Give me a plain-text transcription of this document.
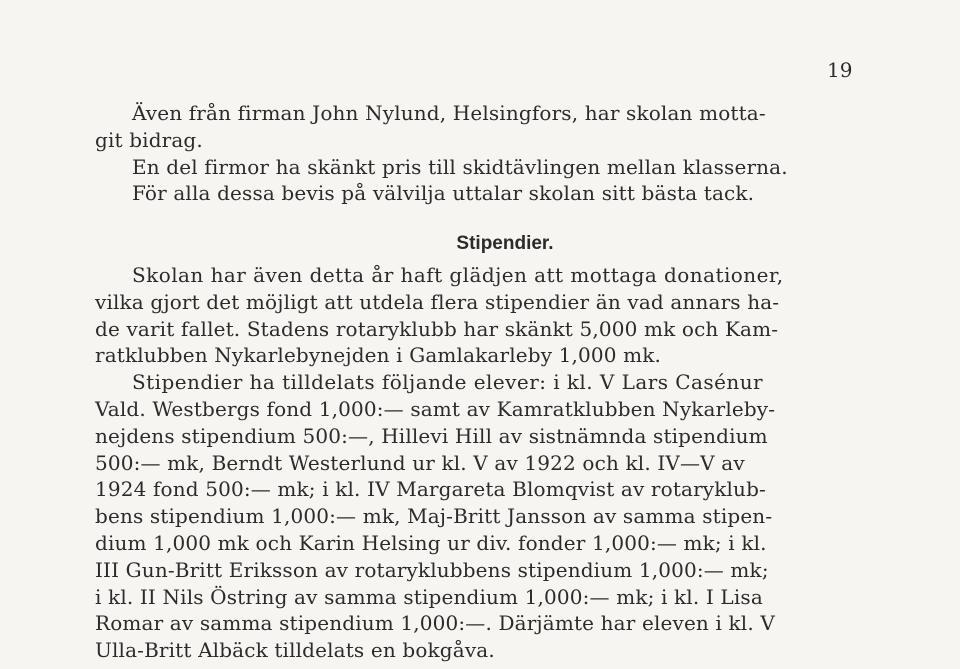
19
Även från firman John Nylund, Helsingfors, har skolan motta-
git bidrag.
En del firmor ha skänkt pris till skidtävlingen mellan klasserna.
För alla dessa bevis på välvilja uttalar skolan sitt bästa tack.
Stipendier.
Skolan har även detta år haft glädjen att mottaga donationer,
vilka gjort det möjligt att utdela flera stipendier än vad annars ha-
de varit fallet. Stadens rotaryklubb har skänkt 5,000 mk och Kam-
ratklubben Nykarlebynejden i Gamlakarleby 1,000 mk.
Stipendier ha tilldelats följande elever: i kl. V Lars Casénur
Vald. Westbergs fond 1,000:— samt av Kamratklubben Nykarleby-
nejdens stipendium 500:—, Hillevi Hill av sistnämnda stipendium
500:— mk, Berndt Westerlund ur kl. V av 1922 och kl. IV—V av
1924 fond 500:— mk; i kl. IV Margareta Blomqvist av rotaryklub-
bens stipendium 1,000:— mk, Maj-Britt Jansson av samma stipen-
dium 1,000 mk och Karin Helsing ur div. fonder 1,000:— mk; i kl.
III Gun-Britt Eriksson av rotaryklubbens stipendium 1,000:— mk;
i kl. II Nils Östring av samma stipendium 1,000:— mk; i kl. I Lisa
Romar av samma stipendium 1,000:—. Därjämte har eleven i kl. V
Ulla-Britt Albäck tilldelats en bokgåva.
